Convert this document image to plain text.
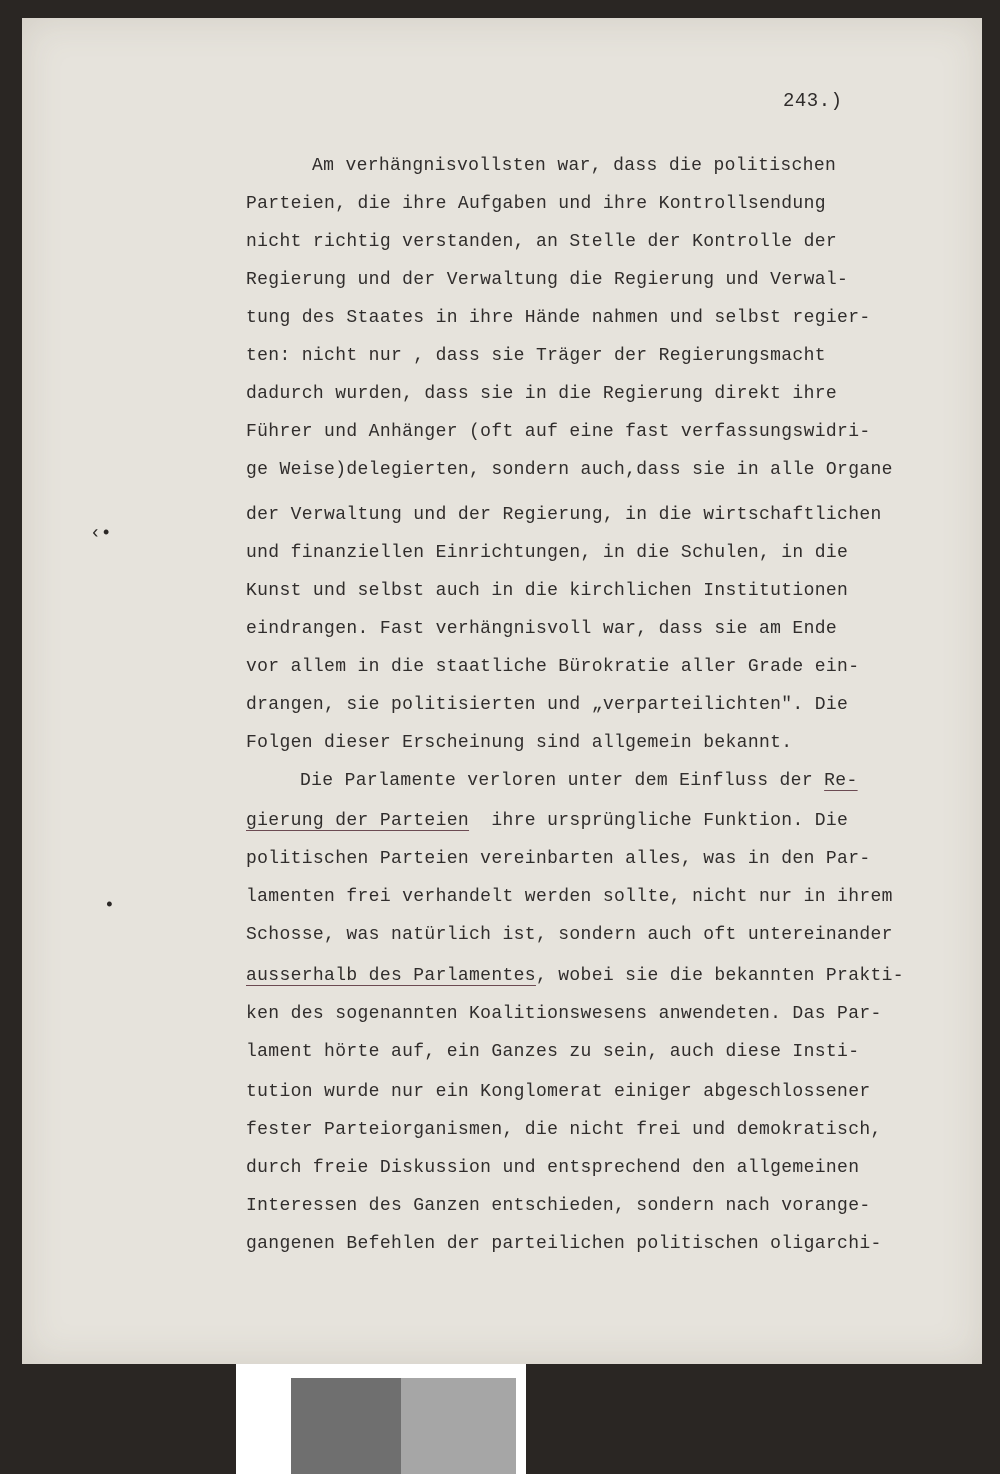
243.)
Am verhängnisvollsten war, dass die politischen
Parteien, die ihre Aufgaben und ihre Kontrollsendung
nicht richtig verstanden, an Stelle der Kontrolle der
Regierung und der Verwaltung die Regierung und Verwal-
tung des Staates in ihre Hände nahmen und selbst regier-
ten: nicht nur , dass sie Träger der Regierungsmacht
dadurch wurden, dass sie in die Regierung direkt ihre
Führer und Anhänger (oft auf eine fast verfassungswidri-
ge Weise)delegierten, sondern auch,dass sie in alle Organe
der Verwaltung und der Regierung, in die wirtschaftlichen
und finanziellen Einrichtungen, in die Schulen, in die
Kunst und selbst auch in die kirchlichen Institutionen
eindrangen. Fast verhängnisvoll war, dass sie am Ende
vor allem in die staatliche Bürokratie aller Grade ein-
drangen, sie politisierten und „verparteilichten". Die
Folgen dieser Erscheinung sind allgemein bekannt.
Die Parlamente verloren unter dem Einfluss der Re-
gierung der Parteien  ihre ursprüngliche Funktion. Die
politischen Parteien vereinbarten alles, was in den Par-
lamenten frei verhandelt werden sollte, nicht nur in ihrem
Schosse, was natürlich ist, sondern auch oft untereinander
ausserhalb des Parlamentes, wobei sie die bekannten Prakti-
ken des sogenannten Koalitionswesens anwendeten. Das Par-
lament hörte auf, ein Ganzes zu sein, auch diese Insti-
tution wurde nur ein Konglomerat einiger abgeschlossener
fester Parteiorganismen, die nicht frei und demokratisch,
durch freie Diskussion und entsprechend den allgemeinen
Interessen des Ganzen entschieden, sondern nach vorange-
gangenen Befehlen der parteilichen politischen oligarchi-
‹•
•
